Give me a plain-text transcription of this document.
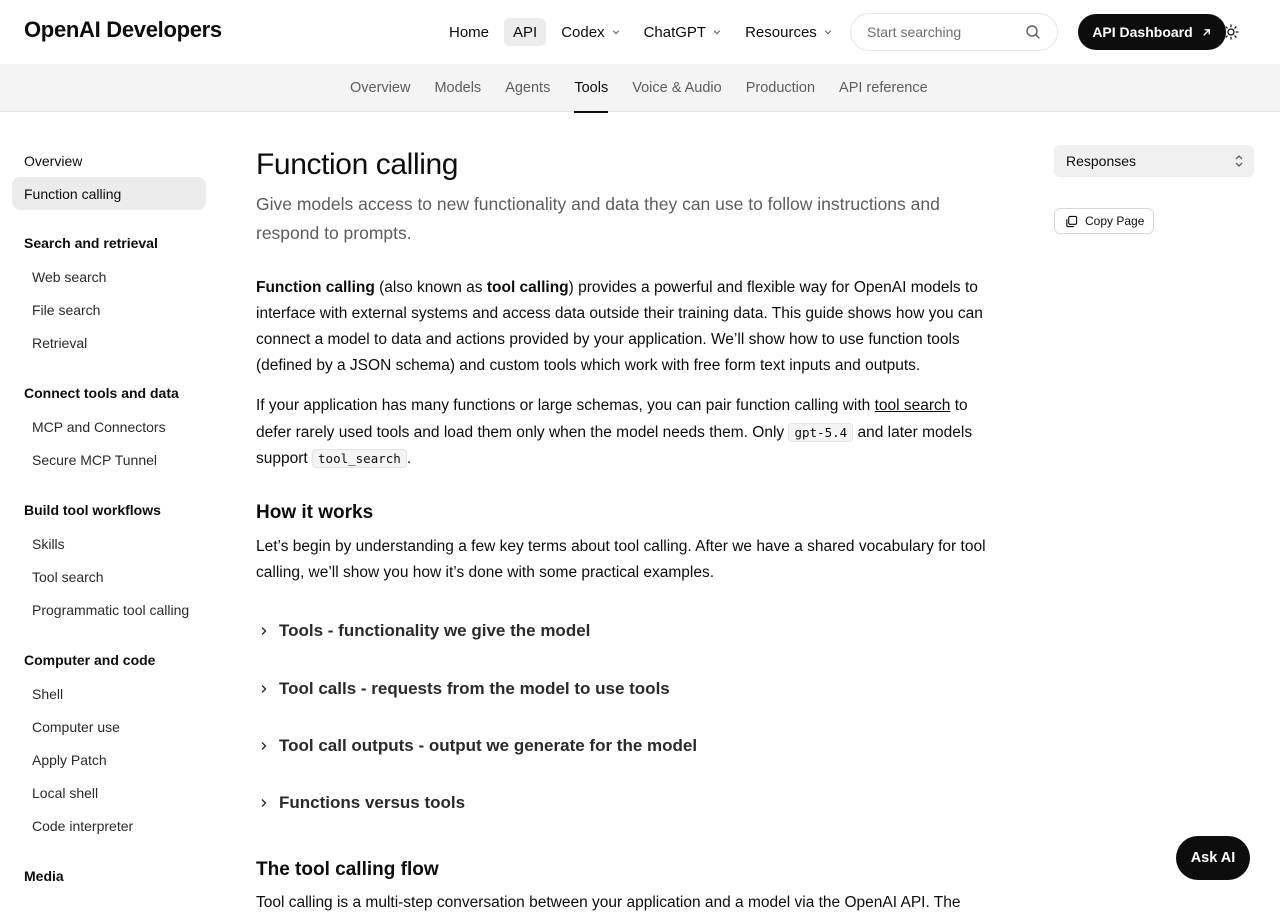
OpenAI Developers	Home API Codex	ChatGPT	Resources
Start searching	API Dashboard
Overview	Models	Agents	Tools	Voice & Audio	Production	API reference
Overview
Function calling
Search and retrieval
Web search
File search
Retrieval
Connect tools and data
MCP and Connectors
Secure MCP Tunnel
Build tool workflows
Skills
Tool search
Programmatic tool calling
Computer and code
Shell
Computer use
Apply Patch
Local shell
Code interpreter
Media
Function calling
Give models access to new functionality and data they can use to follow instructions and respond to prompts.
Function calling (also known as tool calling) provides a powerful and flexible way for OpenAI models to interface with external systems and access data outside their training data. This guide shows how you can connect a model to data and actions provided by your application. We’ll show how to use function tools (defined by a JSON schema) and custom tools which work with free form text inputs and outputs.
If your application has many functions or large schemas, you can pair function calling with tool search to defer rarely used tools and load them only when the model needs them. Only gpt-5.4 and later models support tool_search .
How it works
Let’s begin by understanding a few key terms about tool calling. After we have a shared vocabulary for tool calling, we’ll show you how it’s done with some practical examples.
Tools - functionality we give the model
Tool calls - requests from the model to use tools
Tool call outputs - output we generate for the model
Functions versus tools
The tool calling flow
Tool calling is a multi-step conversation between your application and a model via the OpenAI API. The
Responses
Copy Page
Ask AI
